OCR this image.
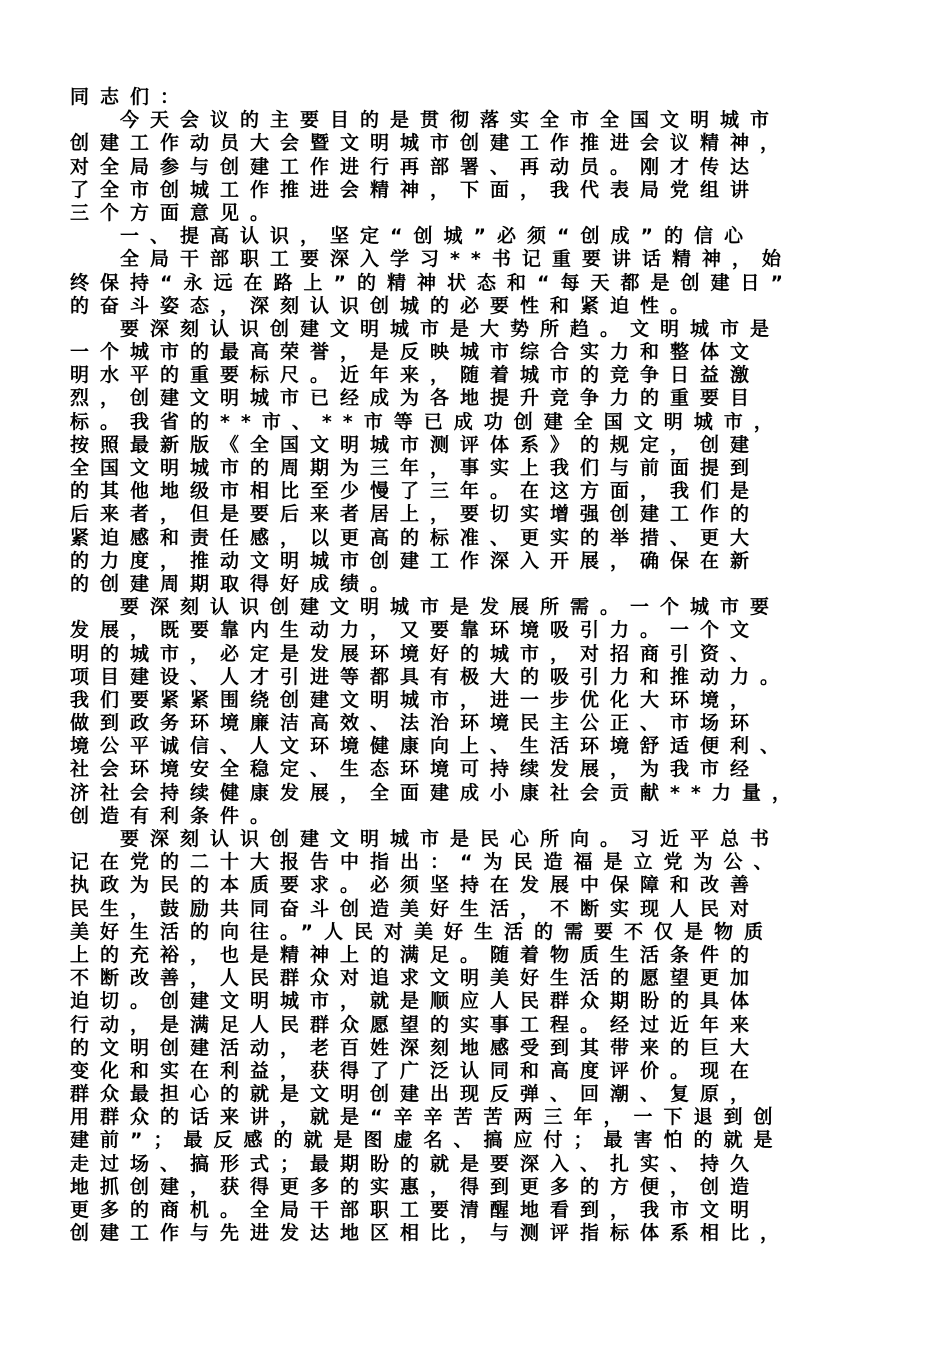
同志们：
今天会议的主要目的是贯彻落实全市全国文明城市
创建工作动员大会暨文明城市创建工作推进会议精神，
对全局参与创建工作进行再部署、再动员。刚才传达
了全市创城工作推进会精神，下面，我代表局党组讲
三个方面意见。
一、提高认识，坚定“创城”必须“创成”的信心
全局干部职工要深入学习**书记重要讲话精神，始
终保持“永远在路上”的精神状态和“每天都是创建日”
的奋斗姿态，深刻认识创城的必要性和紧迫性。
要深刻认识创建文明城市是大势所趋。文明城市是
一个城市的最高荣誉，是反映城市综合实力和整体文
明水平的重要标尺。近年来，随着城市的竞争日益激
烈，创建文明城市已经成为各地提升竞争力的重要目
标。我省的**市、**市等已成功创建全国文明城市，
按照最新版《全国文明城市测评体系》的规定，创建
全国文明城市的周期为三年，事实上我们与前面提到
的其他地级市相比至少慢了三年。在这方面，我们是
后来者，但是要后来者居上，要切实增强创建工作的
紧迫感和责任感，以更高的标准、更实的举措、更大
的力度，推动文明城市创建工作深入开展，确保在新
的创建周期取得好成绩。
要深刻认识创建文明城市是发展所需。一个城市要
发展，既要靠内生动力，又要靠环境吸引力。一个文
明的城市，必定是发展环境好的城市，对招商引资、
项目建设、人才引进等都具有极大的吸引力和推动力。
我们要紧紧围绕创建文明城市，进一步优化大环境，
做到政务环境廉洁高效、法治环境民主公正、市场环
境公平诚信、人文环境健康向上、生活环境舒适便利、
社会环境安全稳定、生态环境可持续发展，为我市经
济社会持续健康发展，全面建成小康社会贡献**力量，
创造有利条件。
要深刻认识创建文明城市是民心所向。习近平总书
记在党的二十大报告中指出：“为民造福是立党为公、
执政为民的本质要求。必须坚持在发展中保障和改善
民生，鼓励共同奋斗创造美好生活，不断实现人民对
美好生活的向往。”人民对美好生活的需要不仅是物质
上的充裕，也是精神上的满足。随着物质生活条件的
不断改善，人民群众对追求文明美好生活的愿望更加
迫切。创建文明城市，就是顺应人民群众期盼的具体
行动，是满足人民群众愿望的实事工程。经过近年来
的文明创建活动，老百姓深刻地感受到其带来的巨大
变化和实在利益，获得了广泛认同和高度评价。现在
群众最担心的就是文明创建出现反弹、回潮、复原，
用群众的话来讲，就是“辛辛苦苦两三年，一下退到创
建前”；最反感的就是图虚名、搞应付；最害怕的就是
走过场、搞形式；最期盼的就是要深入、扎实、持久
地抓创建，获得更多的实惠，得到更多的方便，创造
更多的商机。全局干部职工要清醒地看到，我市文明
创建工作与先进发达地区相比，与测评指标体系相比，
